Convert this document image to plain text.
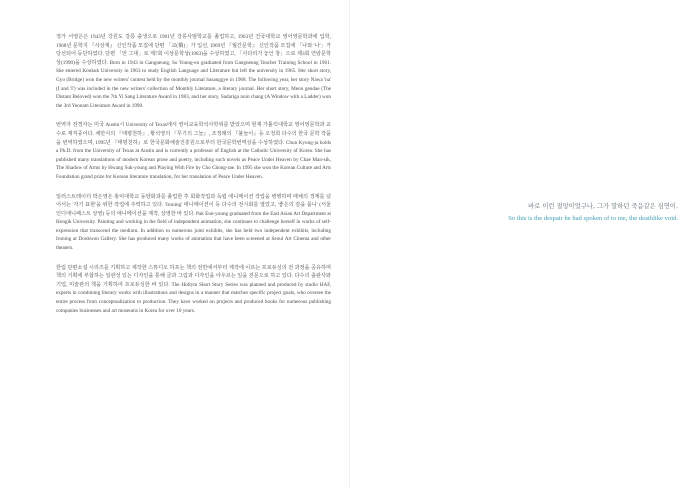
정가 서영은은 1943년 강원도 강릉 출생으로 1961년 강릉사범학교를 졸업하고, 1963년 건국대학교 영어영문학과에 입학, 1968년 문학지 『사상계』 신인작품 모집에 단편 「교(橋)」가 입선, 1969년 『월간문학』 신인작품 모집에 「나와 '나'」가 당선되어 등단하였다. 단편 「먼 그대」로 제7회 이상문학상(1983)을 수상하였고, 「사다리가 놓인 창」으로 제3회 연암문학상(1990)을 수상하였다. Born in 1943 in Gangneung, So Young-en graduated from Gangneung Teacher Training School in 1961. She entered Konkuk University in 1963 to study English Language and Literature but left the university in 1965. Her short story, Gyo (Bridge) won the new writers' contest held by the monthly journal Sasanggye in 1968. The following year, her story Nawa 'na' (I and 'I') was included in the new writers' collection of Monthly Literature, a literary journal. Her short story, Meon geudae (The Distant Beloved) won the 7th Yi Sang Literature Award in 1983, and her story, Sadariga noin chang (A Window with a Ladder) won the 3rd Yeonam Literature Award in 1990.

번역자 전경자는 미국 Austin시 University of Texas에서 영어교육학석사학위를 받았으며 현재 가톨릭대학교 영어영문학과 교수로 재직중이다. 채만식의 『태평천하』, 황석영의 『무기의 그늘』, 조정래의 『불놀이』등 오정희 다수의 한국 문학 작품을 번역하였으며, 1995년 『태평천하』로 한국문화예술진흥원으로부터 한국문학번역상을 수상하였다. Chun Kyung-ja holds a Ph.D. from the University of Texas at Austin and is currently a professor of English at the Catholic University of Korea. She has published many translations of modern Korean prose and poetry, including such novels as Peace Under Heaven by Chae Man-sik, The Shadow of Arms by Hwang Suk-young and Playing With Fire by Cho Chong-rae. In 1995 she won the Korean Culture and Arts Foundation grand prize for Korean literature translation, for her translation of Peace Under Heaven.

일러스트레이터 박은영은 홍익대학교 동양화과를 졸업한 후 회화작업과 독립 애니메이션 작업을 병행하며 매체의 경계를 넘어서는 '자기 표현'을 위한 작업에 주력하고 있다. 'Ironing' 애니메이션이 등 다수의 전시회를 열었고, '좋은의 감을 몹니' (서울 인디애니페스트 상영) 등의 애니메이션을 제작, 상영한 바 있다. Pak Eun-young graduated from the East Asian Art Department at Hongik University. Painting and working in the field of independent animation, she continues to challenge herself in works of self-expression that transcend the medium. In addition to numerous joint exhibits, she has held two independent exhibits, including Ironing at Dookwon Gallery. She has produced many works of animation that have been screened at Seoul Art Cinema and other theaters.

한림 단편소설 시리즈를 기획하고 제작한 스튜디오 하프는 책의 전반에서부터 제작에 이르는 프로듀싱의 전 과정을 공유하며 책의 기획에 부합하는 일관성 있는 디자인을 통해 글과 그림과 디자인을 아우르는 일을 전문으로 하고 있다. 다수의 출판사와 기업, 미술관의 책을 기획하여 프로듀싱한 바 있다. The Hollym Short Story Series was planned and produced by studio HAF, experts in combining literary works with illustrations and designs in a manner that matches specific project goals, who oversee the entire process from conceptualization to production. They have worked on projects and produced books for numerous publishing companies businesses and art museums in Korea for over 10 years.

바로 이런 절망이었구나, 그가 말하던 죽음같은 심연이.

So this is the despair he had spoken of to me, the deathlike void.
